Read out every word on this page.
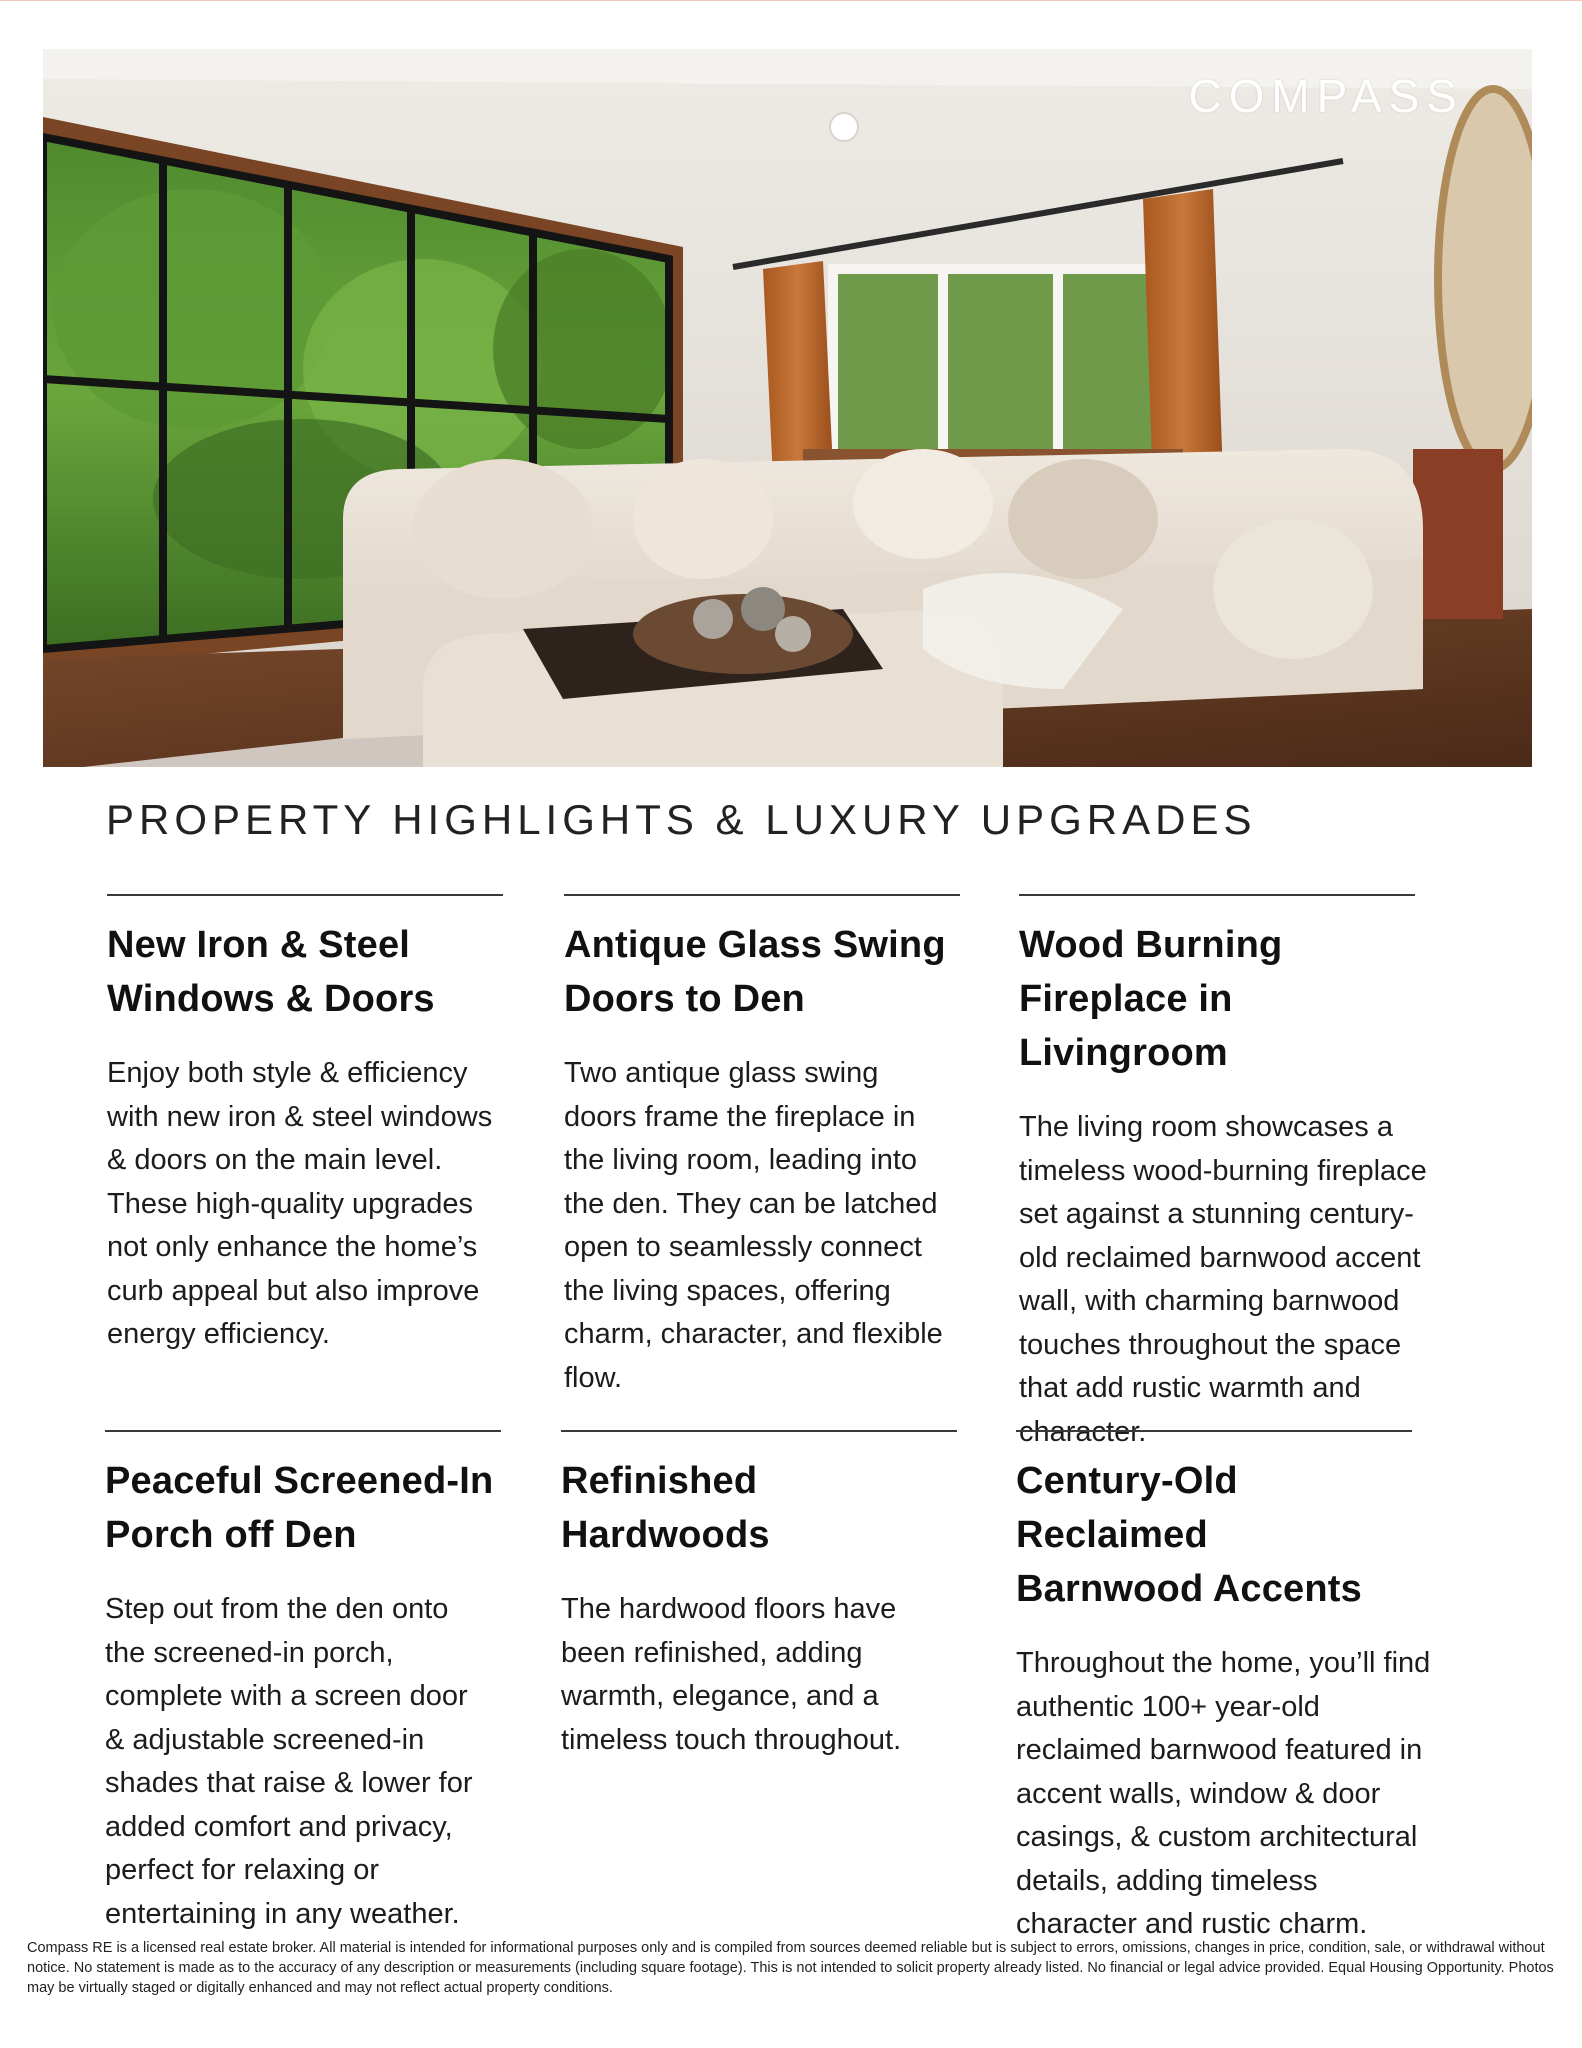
COMPASS
PROPERTY HIGHLIGHTS & LUXURY UPGRADES
New Iron & Steel
Windows & Doors

Enjoy both style & efficiency
with new iron & steel windows
& doors on the main level.
These high-quality upgrades
not only enhance the home’s
curb appeal but also improve
energy efficiency.

Antique Glass Swing
Doors to Den

Two antique glass swing
doors frame the fireplace in
the living room, leading into
the den. They can be latched
open to seamlessly connect
the living spaces, offering
charm, character, and flexible
flow.

Wood Burning
Fireplace in Livingroom

The living room showcases a
timeless wood-burning fireplace
set against a stunning century-
old reclaimed barnwood accent
wall, with charming barnwood
touches throughout the space
that add rustic warmth and
character.

Peaceful Screened-In
Porch off Den

Step out from the den onto
the screened-in porch,
complete with a screen door
& adjustable screened-in
shades that raise & lower for
added comfort and privacy,
perfect for relaxing or
entertaining in any weather.

Refinished
Hardwoods

The hardwood floors have
been refinished, adding
warmth, elegance, and a
timeless touch throughout.

Century-Old Reclaimed
Barnwood Accents

Throughout the home, you’ll find
authentic 100+ year-old
reclaimed barnwood featured in
accent walls, window & door
casings, & custom architectural
details, adding timeless
character and rustic charm.

Compass RE is a licensed real estate broker. All material is intended for informational purposes only and is compiled from sources deemed reliable but is subject to errors, omissions, changes in price, condition, sale, or withdrawal without notice. No statement is made as to the accuracy of any description or measurements (including square footage). This is not intended to solicit property already listed. No financial or legal advice provided. Equal Housing Opportunity. Photos may be virtually staged or digitally enhanced and may not reflect actual property conditions.
